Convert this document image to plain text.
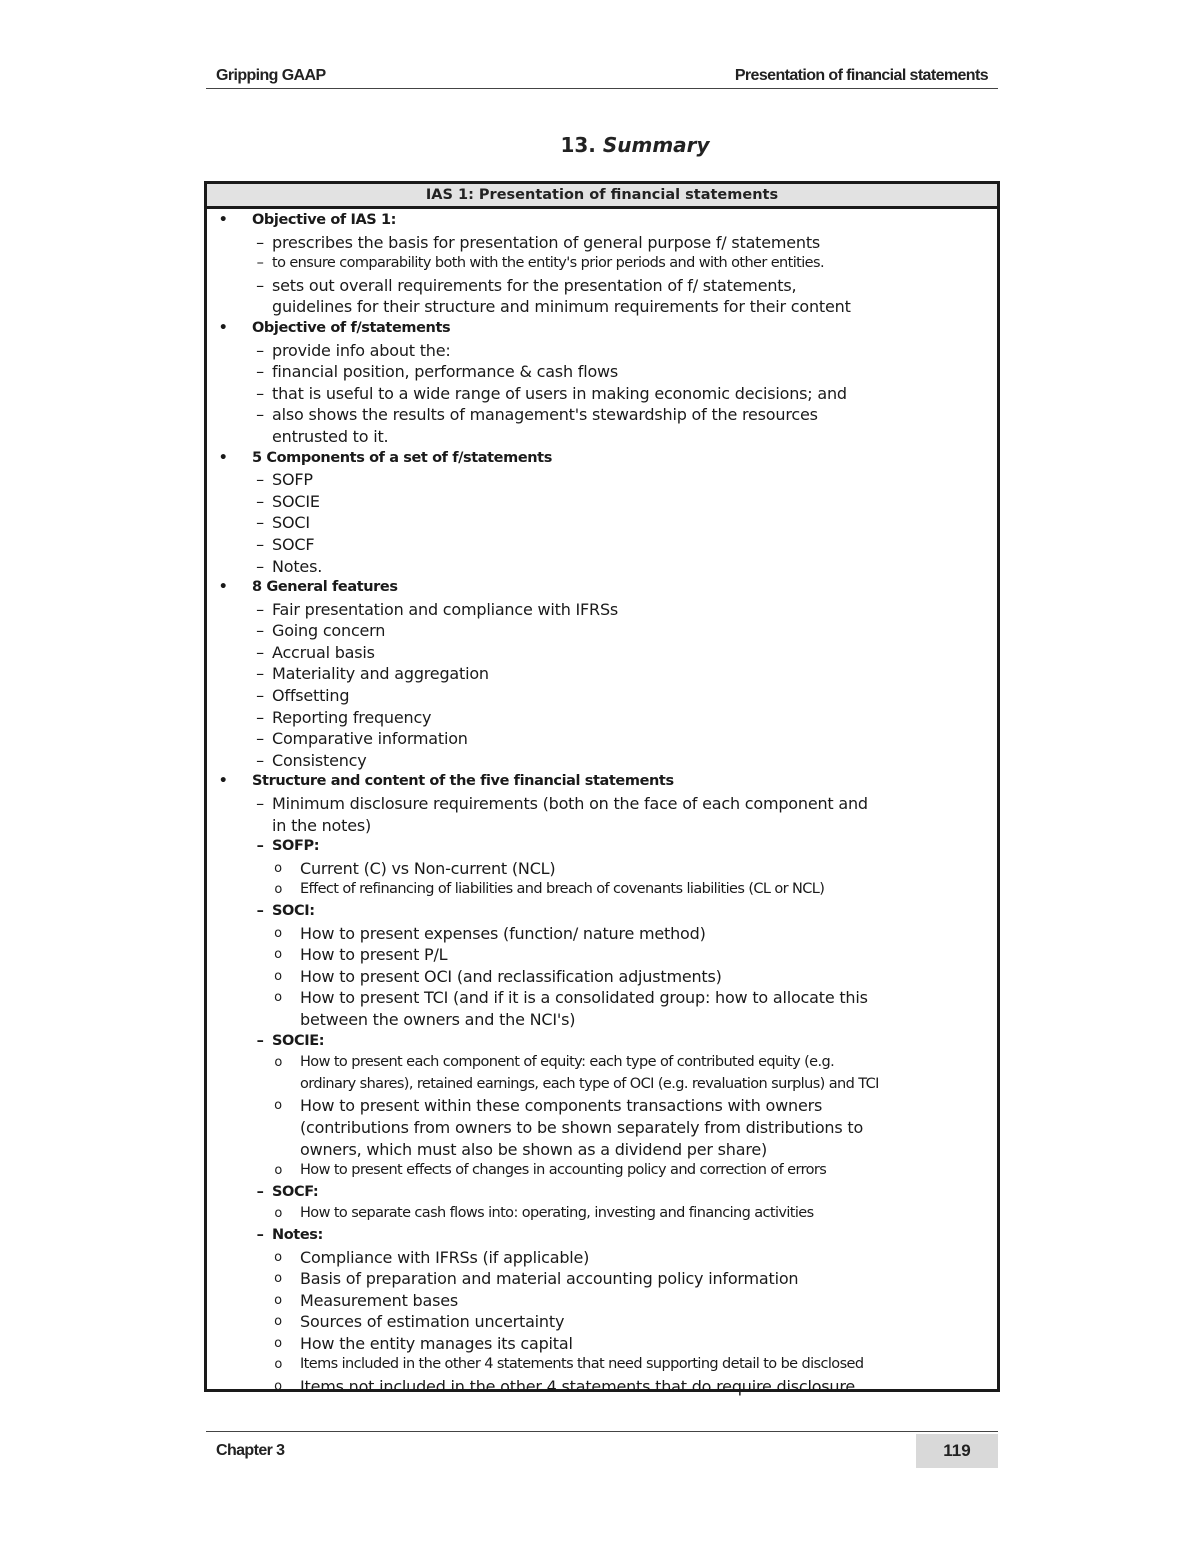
Gripping GAAP	Presentation of financial statements
13. Summary
IAS 1: Presentation of financial statements
• Objective of IAS 1:
– prescribes the basis for presentation of general purpose f/ statements
– to ensure comparability both with the entity's prior periods and with other entities.
– sets out overall requirements for the presentation of f/ statements,
guidelines for their structure and minimum requirements for their content
• Objective of f/statements
– provide info about the:
– financial position, performance & cash flows
– that is useful to a wide range of users in making economic decisions; and
– also shows the results of management's stewardship of the resources
entrusted to it.
• 5 Components of a set of f/statements
– SOFP
– SOCIE
– SOCI
– SOCF
– Notes.
• 8 General features
– Fair presentation and compliance with IFRSs
– Going concern
– Accrual basis
– Materiality and aggregation
– Offsetting
– Reporting frequency
– Comparative information
– Consistency
• Structure and content of the five financial statements
– Minimum disclosure requirements (both on the face of each component and
in the notes)
– SOFP:
o Current (C) vs Non-current (NCL)
o Effect of refinancing of liabilities and breach of covenants liabilities (CL or NCL)
– SOCI:
o How to present expenses (function/ nature method)
o How to present P/L
o How to present OCI (and reclassification adjustments)
o How to present TCI (and if it is a consolidated group: how to allocate this
between the owners and the NCI's)
– SOCIE:
o How to present each component of equity: each type of contributed equity (e.g.
ordinary shares), retained earnings, each type of OCI (e.g. revaluation surplus) and TCI
o How to present within these components transactions with owners
(contributions from owners to be shown separately from distributions to
owners, which must also be shown as a dividend per share)
o How to present effects of changes in accounting policy and correction of errors
– SOCF:
o How to separate cash flows into: operating, investing and financing activities
– Notes:
o Compliance with IFRSs (if applicable)
o Basis of preparation and material accounting policy information
o Measurement bases
o Sources of estimation uncertainty
o How the entity manages its capital
o Items included in the other 4 statements that need supporting detail to be disclosed
o Items not included in the other 4 statements that do require disclosure
Chapter 3	119
